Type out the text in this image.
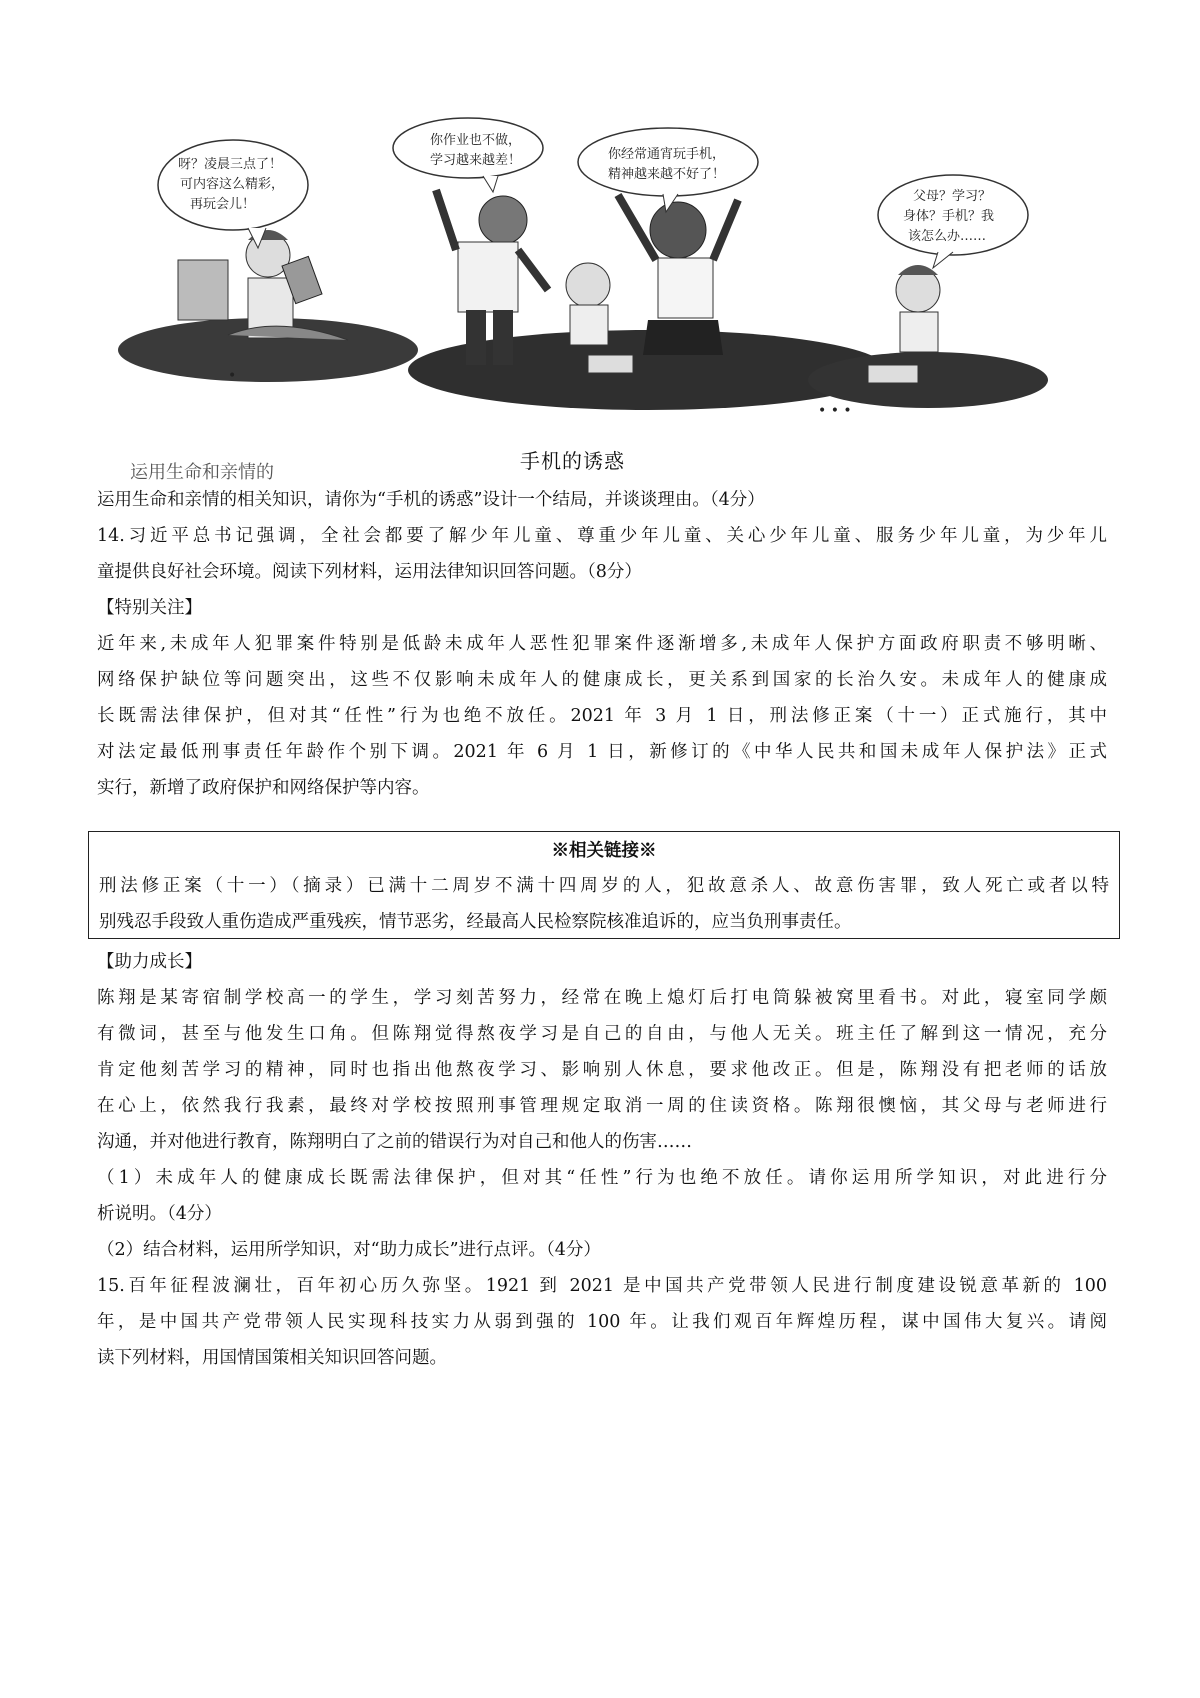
呀？凌晨三点了！
可内容这么精彩，
再玩会儿！
•
你作业也不做，
学习越来越差！	你经常通宵玩手机，
精神越来越不好了！
父母？学习？
身体？手机？我
该怎么办……
• • •
运用生命和亲情的	手机的诱惑
运用生命和亲情的相关知识，请你为“手机的诱惑”设计一个结局，并谈谈理由。（4分）
14.习近平总书记强调，全社会都要了解少年儿童、尊重少年儿童、关心少年儿童、服务少年儿童，为少年儿
童提供良好社会环境。阅读下列材料，运用法律知识回答问题。（8分）
【特别关注】
近年来,未成年人犯罪案件特别是低龄未成年人恶性犯罪案件逐渐增多,未成年人保护方面政府职责不够明晰、
网络保护缺位等问题突出，这些不仅影响未成年人的健康成长，更关系到国家的长治久安。未成年人的健康成
长既需法律保护，但对其“任性”行为也绝不放任。2021 年 3 月 1 日，刑法修正案（十一）正式施行，其中
对法定最低刑事责任年龄作个别下调。2021 年 6 月 1 日，新修订的《中华人民共和国未成年人保护法》正式
实行，新增了政府保护和网络保护等内容。
※相关链接※
刑法修正案（十一）（摘录）已满十二周岁不满十四周岁的人，犯故意杀人、故意伤害罪，致人死亡或者以特
别残忍手段致人重伤造成严重残疾，情节恶劣，经最高人民检察院核准追诉的，应当负刑事责任。
【助力成长】
陈翔是某寄宿制学校高一的学生，学习刻苦努力，经常在晚上熄灯后打电筒躲被窝里看书。对此，寝室同学颇
有微词，甚至与他发生口角。但陈翔觉得熬夜学习是自己的自由，与他人无关。班主任了解到这一情况，充分
肯定他刻苦学习的精神，同时也指出他熬夜学习、影响别人休息，要求他改正。但是，陈翔没有把老师的话放
在心上，依然我行我素，最终对学校按照刑事管理规定取消一周的住读资格。陈翔很懊恼，其父母与老师进行
沟通，并对他进行教育，陈翔明白了之前的错误行为对自己和他人的伤害……
（1）未成年人的健康成长既需法律保护，但对其“任性”行为也绝不放任。请你运用所学知识，对此进行分
析说明。（4分）
（2）结合材料，运用所学知识，对“助力成长”进行点评。（4分）
15.百年征程波澜壮，百年初心历久弥坚。1921 到 2021 是中国共产党带领人民进行制度建设锐意革新的 100
年，是中国共产党带领人民实现科技实力从弱到强的 100 年。让我们观百年辉煌历程，谋中国伟大复兴。请阅
读下列材料，用国情国策相关知识回答问题。
